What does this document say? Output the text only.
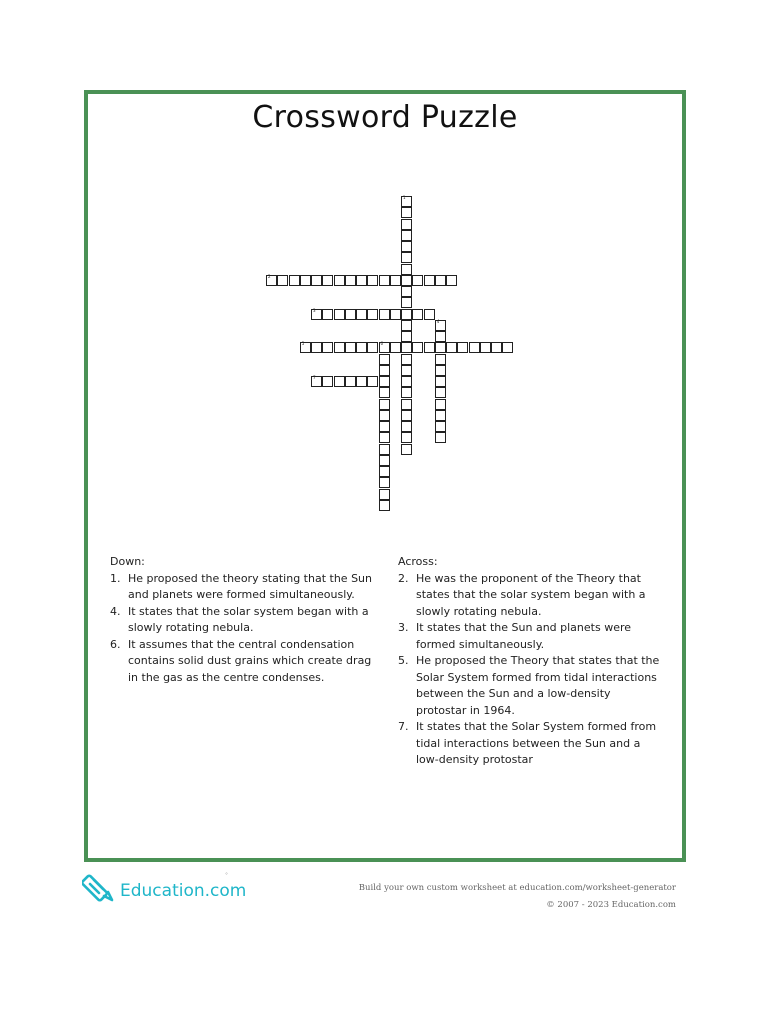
Crossword Puzzle
1
2
3
4
5	6
7
Down:
1. He proposed the theory stating that the Sun and planets were formed simultaneously.
4. It states that the solar system began with a slowly rotating nebula.
6. It assumes that the central condensation contains solid dust grains which create drag in the gas as the centre condenses.
Across:
2. He was the proponent of the Theory that states that the solar system began with a slowly rotating nebula.
3. It states that the Sun and planets were formed simultaneously.
5. He proposed the Theory that states that the Solar System formed from tidal interactions between the Sun and a low-density protostar in 1964.
7. It states that the Solar System formed from tidal interactions between the Sun and a low-density protostar
Education.com
°
Build your own custom worksheet at education.com/worksheet-generator
© 2007 - 2023 Education.com
